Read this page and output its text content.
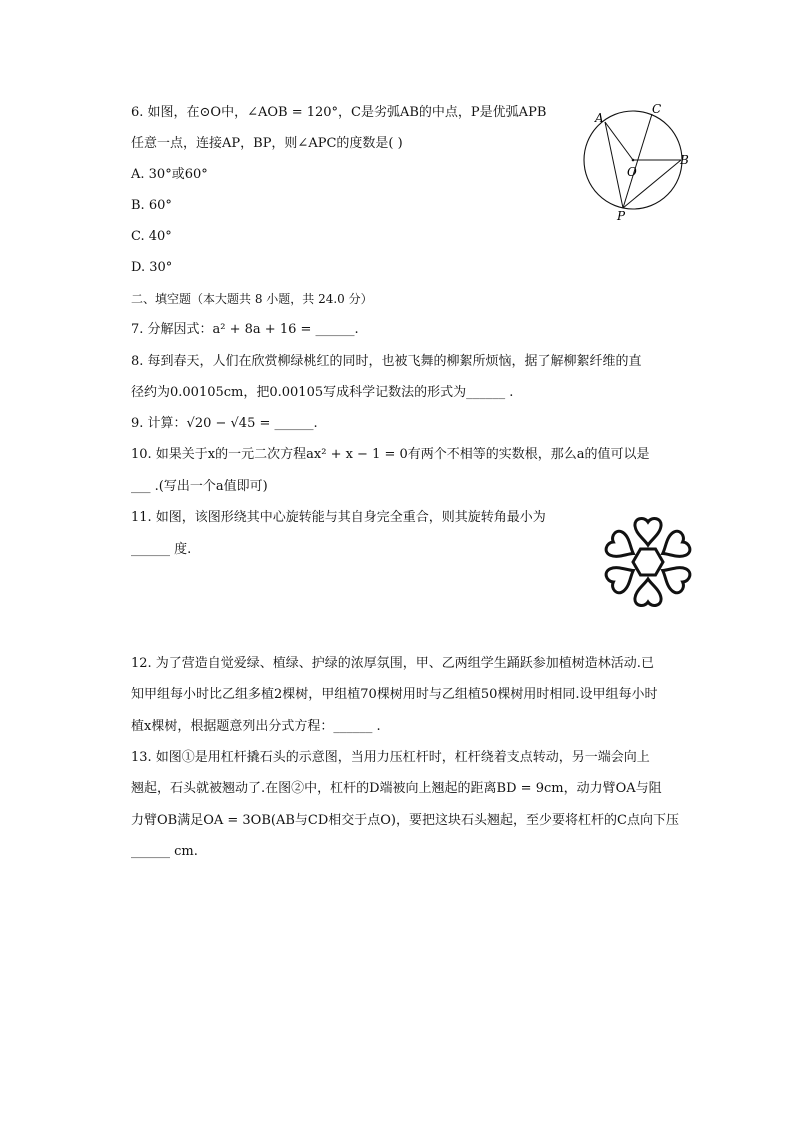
6. 如图，在⊙O中，∠AOB = 120°，C是劣弧AB的中点，P是优弧APB
任意一点，连接AP，BP，则∠APC的度数是( )
A. 30°或60°
B. 60°
C. 40°
D. 30°
A
C
B
O
P
二、填空题（本大题共 8 小题，共 24.0 分）
7. 分解因式：a² + 8a + 16 = ______.
8. 每到春天，人们在欣赏柳绿桃红的同时，也被飞舞的柳絮所烦恼，据了解柳絮纤维的直
径约为0.00105cm，把0.00105写成科学记数法的形式为______ .
9. 计算：√20 − √45 = ______.
10. 如果关于x的一元二次方程ax² + x − 1 = 0有两个不相等的实数根，那么a的值可以是
___ .(写出一个a值即可)
11. 如图，该图形绕其中心旋转能与其自身完全重合，则其旋转角最小为
______ 度.
12. 为了营造自觉爱绿、植绿、护绿的浓厚氛围，甲、乙两组学生踊跃参加植树造林活动.已
知甲组每小时比乙组多植2棵树，甲组植70棵树用时与乙组植50棵树用时相同.设甲组每小时
植x棵树，根据题意列出分式方程：______ .
13. 如图①是用杠杆撬石头的示意图，当用力压杠杆时，杠杆绕着支点转动，另一端会向上
翘起，石头就被翘动了.在图②中，杠杆的D端被向上翘起的距离BD = 9cm，动力臂OA与阻
力臂OB满足OA = 3OB(AB与CD相交于点O)，要把这块石头翘起，至少要将杠杆的C点向下压
______ cm.
